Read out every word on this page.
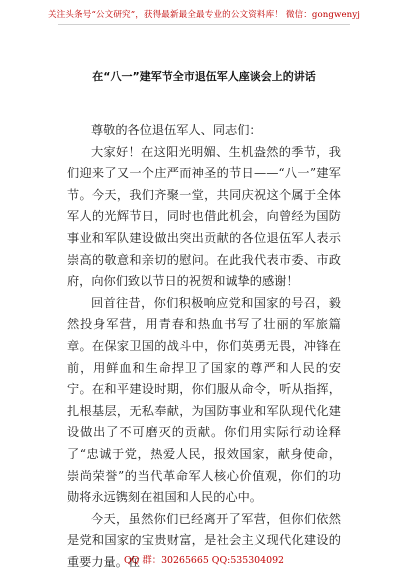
关注头条号“公文研究”，获得最新最全最专业的公文资料库！ 微信：gongwenyj
在“八一”建军节全市退伍军人座谈会上的讲话

尊敬的各位退伍军人、同志们：

大家好！在这阳光明媚、生机盎然的季节，我们迎来了又一个庄严而神圣的节日——“八一”建军节。今天，我们齐聚一堂，共同庆祝这个属于全体军人的光辉节日，同时也借此机会，向曾经为国防事业和军队建设做出突出贡献的各位退伍军人表示崇高的敬意和亲切的慰问。在此我代表市委、市政府，向你们致以节日的祝贺和诚挚的感谢！

回首往昔，你们积极响应党和国家的号召，毅然投身军营，用青春和热血书写了壮丽的军旅篇章。在保家卫国的战斗中，你们英勇无畏，冲锋在前，用鲜血和生命捍卫了国家的尊严和人民的安宁。在和平建设时期，你们服从命令，听从指挥，扎根基层，无私奉献，为国防事业和军队现代化建设做出了不可磨灭的贡献。你们用实际行动诠释了“忠诚于党，热爱人民，报效国家，献身使命，崇尚荣誉”的当代革命军人核心价值观，你们的功勋将永远镌刻在祖国和人民的心中。

今天，虽然你们已经离开了军营，但你们依然是党和国家的宝贵财富，是社会主义现代化建设的重要力量。在

QQ 群：30265665 QQ:535304092
